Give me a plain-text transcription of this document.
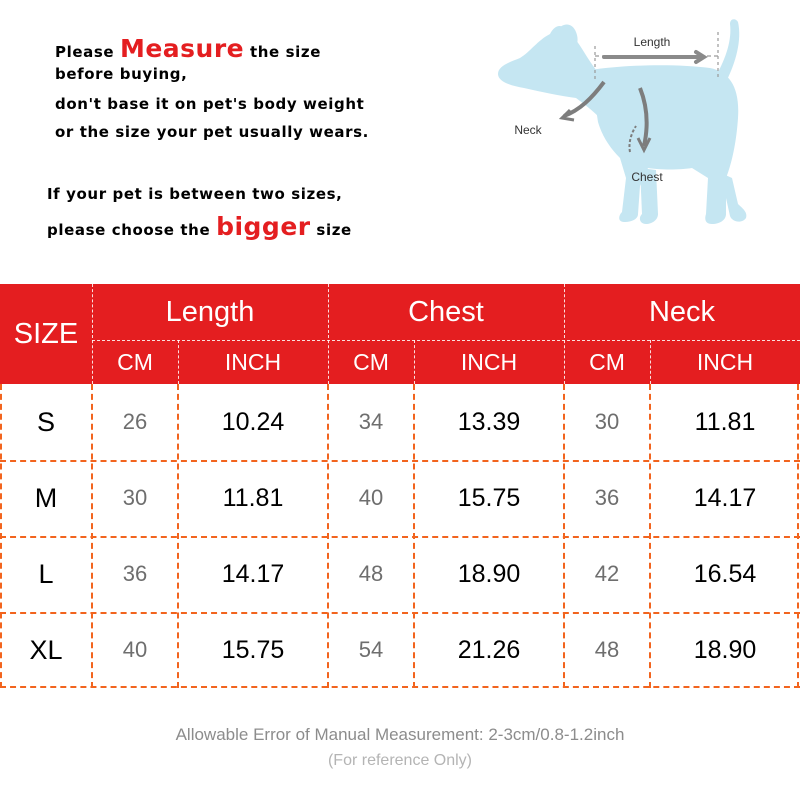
Please Measure the size
before buying,
don't base it on pet's body weight
or the size your pet usually wears.
If your pet is between two sizes,
please choose the bigger size
Length
Neck
Chest
SIZE
Length	Chest	Neck
CM	INCH	CM	INCH	CM	INCH
S	26	10.24	34	13.39	30	11.81
M	30	11.81	40	15.75	36	14.17
L	36	14.17	48	18.90	42	16.54
XL	40	15.75	54	21.26	48	18.90
Allowable Error of Manual Measurement: 2-3cm/0.8-1.2inch
(For reference Only)
